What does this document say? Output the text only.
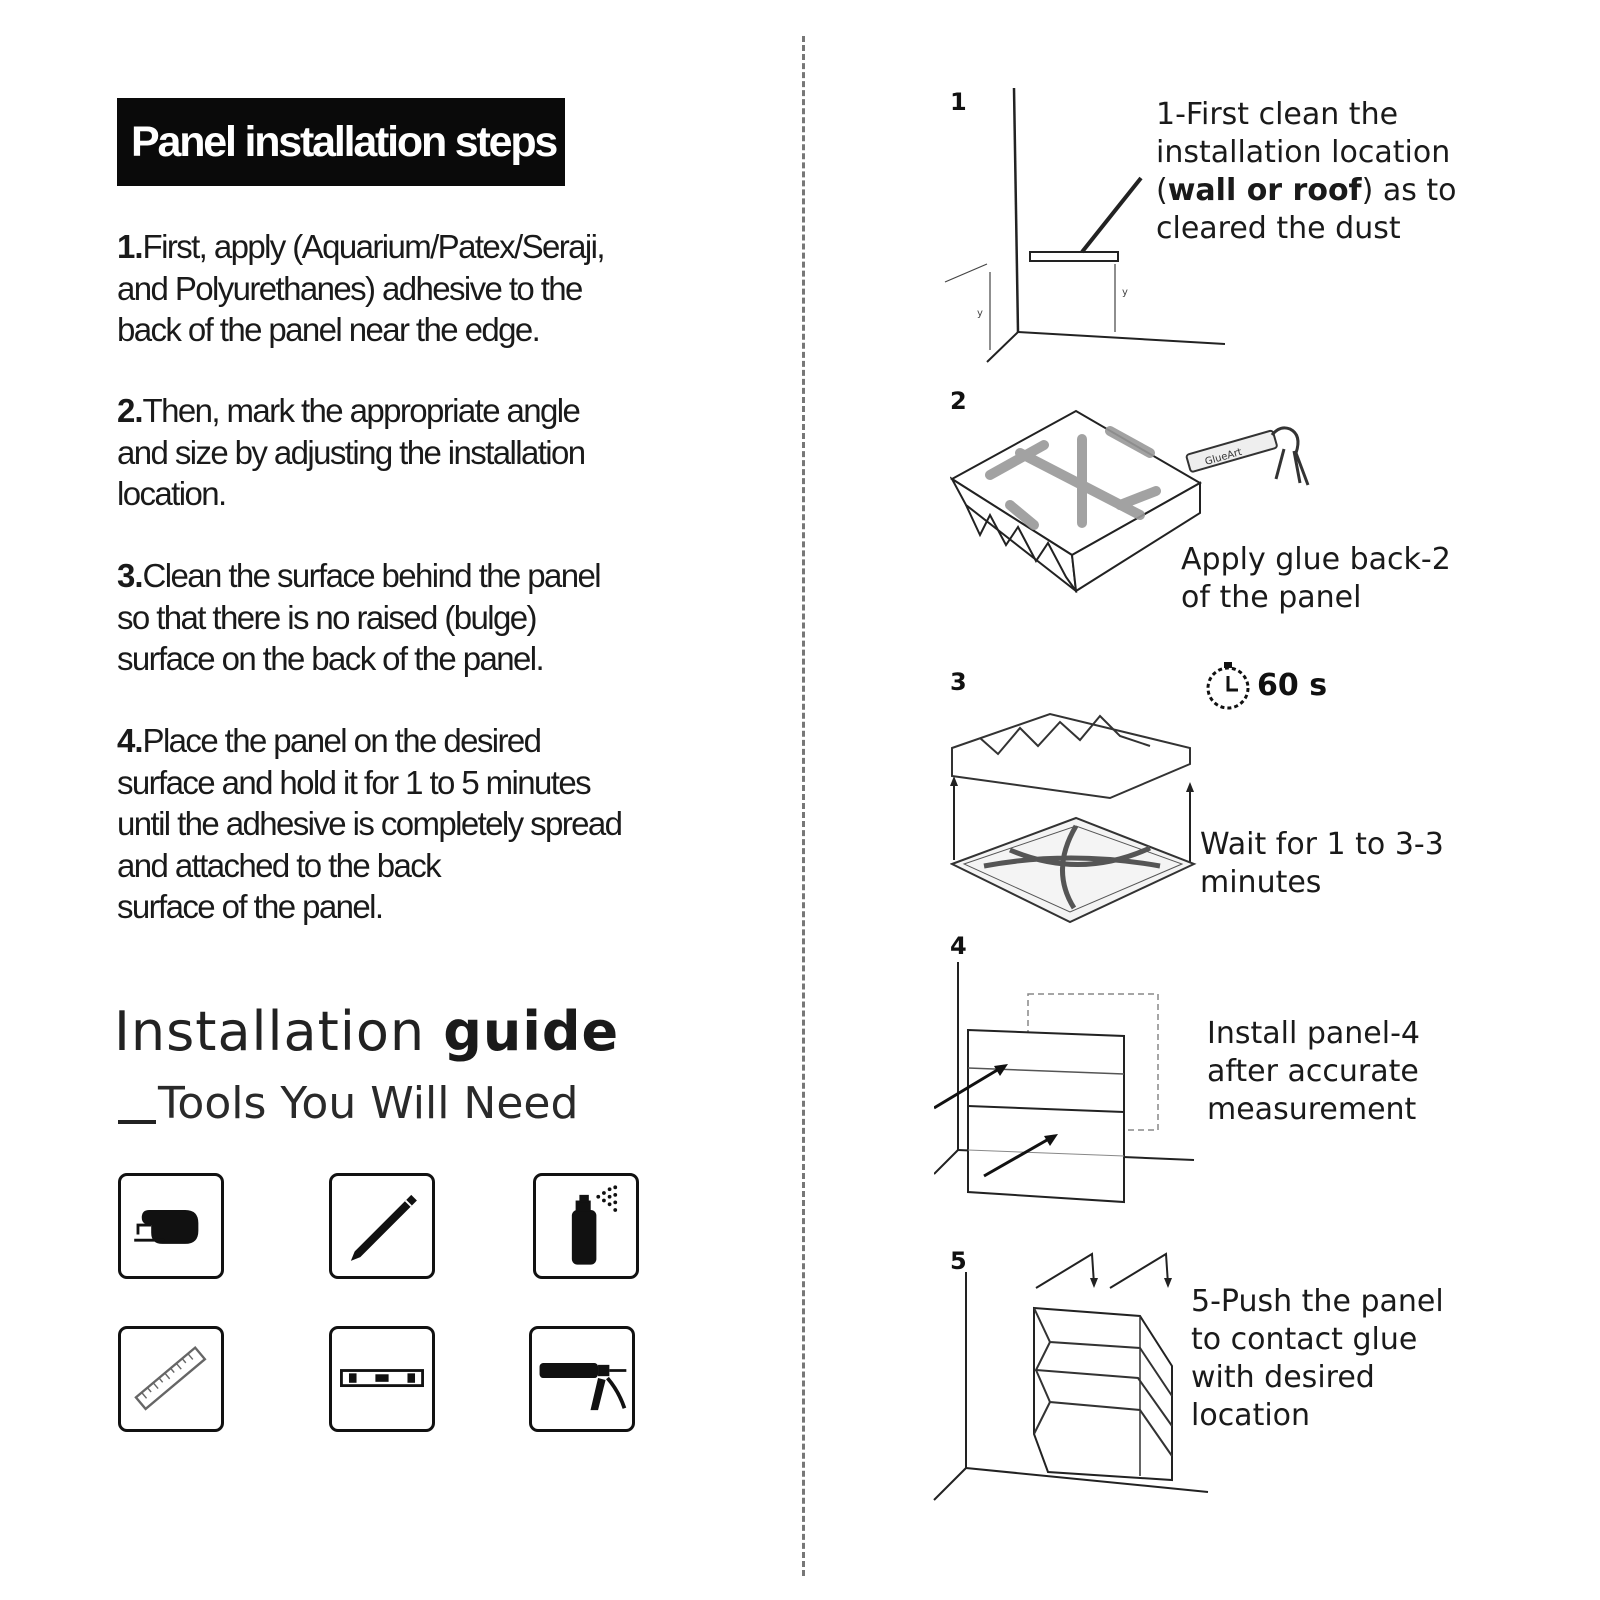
Panel installation steps
1.First, apply (Aquarium/Patex/Seraji,
and Polyurethanes) adhesive to the
back of the panel near the edge.
2.Then, mark the appropriate angle
and size by adjusting the installation
location.
3.Clean the surface behind the panel
so that there is no raised (bulge)
surface on the back of the panel.
4.Place the panel on the desired
surface and hold it for 1 to 5 minutes
until the adhesive is completely spread
and attached to the back
surface of the panel.
Installation guide
Tools You Will Need
1
y
y
1-First clean the
installation location
(wall or roof) as to
cleared the dust
2
GlueArt
Apply glue back-2
of the panel
3	60 s
Wait for 1 to 3-3
minutes
4
Install panel-4
after accurate
measurement
5
5-Push the panel
to contact glue
with desired
location
